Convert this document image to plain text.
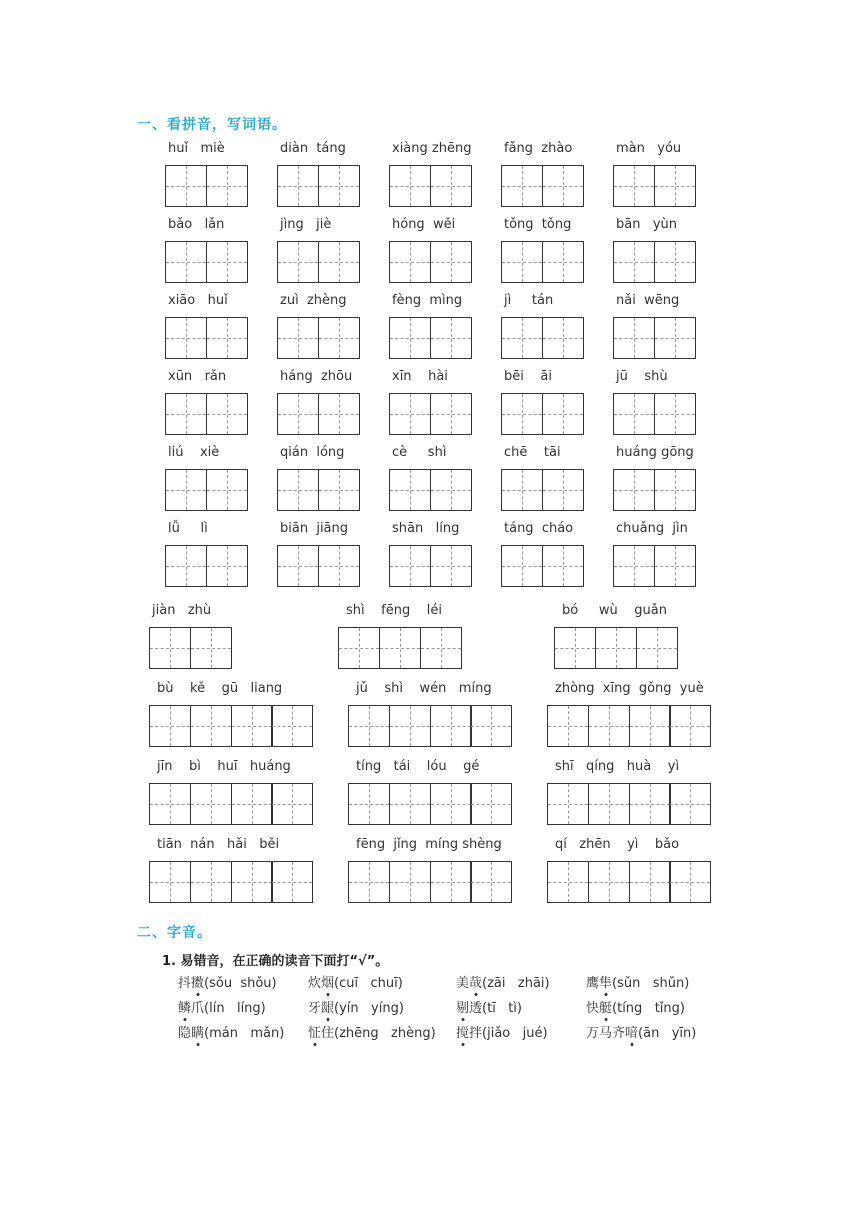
一、看拼音，写词语。
huǐ   miè	diàn  táng	xiàng zhēng	fǎng  zhào	màn   yóu
bǎo   lǎn	jìng   jiè	hóng  wěi	tǒng  tǒng	bān   yùn
xiāo   huǐ	zuì  zhèng	fèng  mìng	jì     tán	nǎi  wēng
xūn   rǎn	háng  zhōu	xīn    hài	bēi    āi	jū    shù
liú    xiè	qián  lóng	cè     shì	chē    tāi	huáng gōng
lǚ     lì	biān  jiāng	shān   líng	táng  cháo	chuǎng  jìn
jiàn   zhù	shì    fēng    léi	bó     wù    guǎn
bù    kě    gū   liang	jǔ    shì    wén   míng	zhòng  xīng  gǒng  yuè
jīn    bì    huī   huáng	tíng   tái    lóu    gé	shī   qíng   huà    yì
tiān  nán   hǎi   běi	fēng  jǐng  míng shèng	qí   zhēn    yì    bǎo
二、字音。
1. 易错音，在正确的读音下面打“√”。
抖擞(sǒu  shǒu) 炊烟(cuī   chuī)	美哉(zāi   zhāi)	鹰隼(sǔn   shǔn)
鳞爪(lín   líng)	牙龈(yín   yíng)	剔透(tī   tì)	快艇(tíng   tǐng)
隐瞒(mán   mǎn) 怔住(zhēng   zhèng) 搅拌(jiǎo   jué)	万马齐喑(ān   yīn)
